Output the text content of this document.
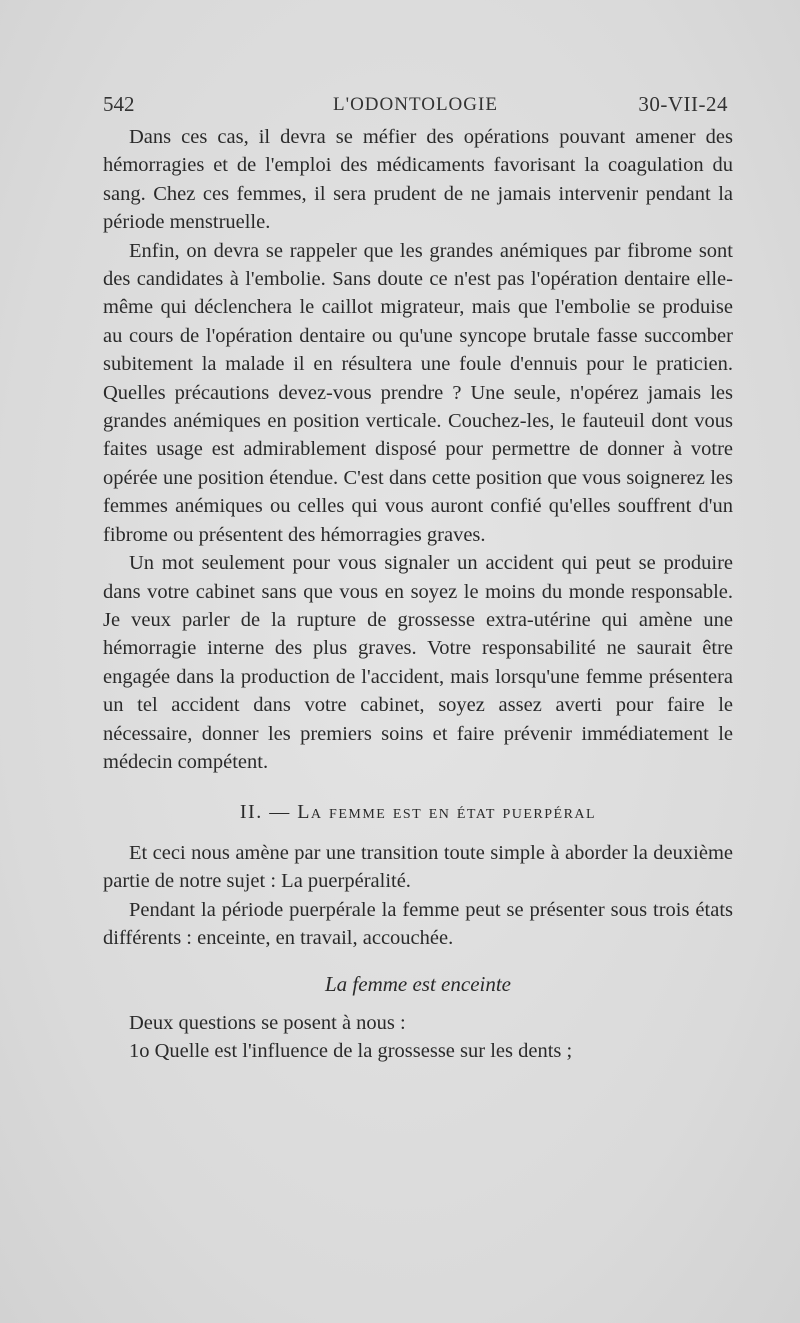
542	L'ODONTOLOGIE	30-VII-24

Dans ces cas, il devra se méfier des opérations pouvant amener des hémorragies et de l'emploi des médicaments favorisant la coagulation du sang. Chez ces femmes, il sera prudent de ne jamais intervenir pendant la période menstruelle.

Enfin, on devra se rappeler que les grandes anémiques par fibrome sont des candidates à l'embolie. Sans doute ce n'est pas l'opération dentaire elle-même qui déclenchera le caillot migrateur, mais que l'embolie se produise au cours de l'opération dentaire ou qu'une syncope brutale fasse succomber subitement la malade il en résultera une foule d'ennuis pour le praticien. Quelles précautions devez-vous prendre ? Une seule, n'opérez jamais les grandes anémiques en position verticale. Couchez-les, le fauteuil dont vous faites usage est admirablement disposé pour permettre de donner à votre opérée une position étendue. C'est dans cette position que vous soignerez les femmes anémiques ou celles qui vous auront confié qu'elles souffrent d'un fibrome ou présentent des hémorragies graves.

Un mot seulement pour vous signaler un accident qui peut se produire dans votre cabinet sans que vous en soyez le moins du monde responsable. Je veux parler de la rupture de grossesse extra-utérine qui amène une hémorragie interne des plus graves. Votre responsabilité ne saurait être engagée dans la production de l'accident, mais lorsqu'une femme présentera un tel accident dans votre cabinet, soyez assez averti pour faire le nécessaire, donner les premiers soins et faire prévenir immédiatement le médecin compétent.

II. — La femme est en état puerpéral

Et ceci nous amène par une transition toute simple à aborder la deuxième partie de notre sujet : La puerpéralité.

Pendant la période puerpérale la femme peut se présenter sous trois états différents : enceinte, en travail, accouchée.

La femme est enceinte

Deux questions se posent à nous :

1o Quelle est l'influence de la grossesse sur les dents ;
